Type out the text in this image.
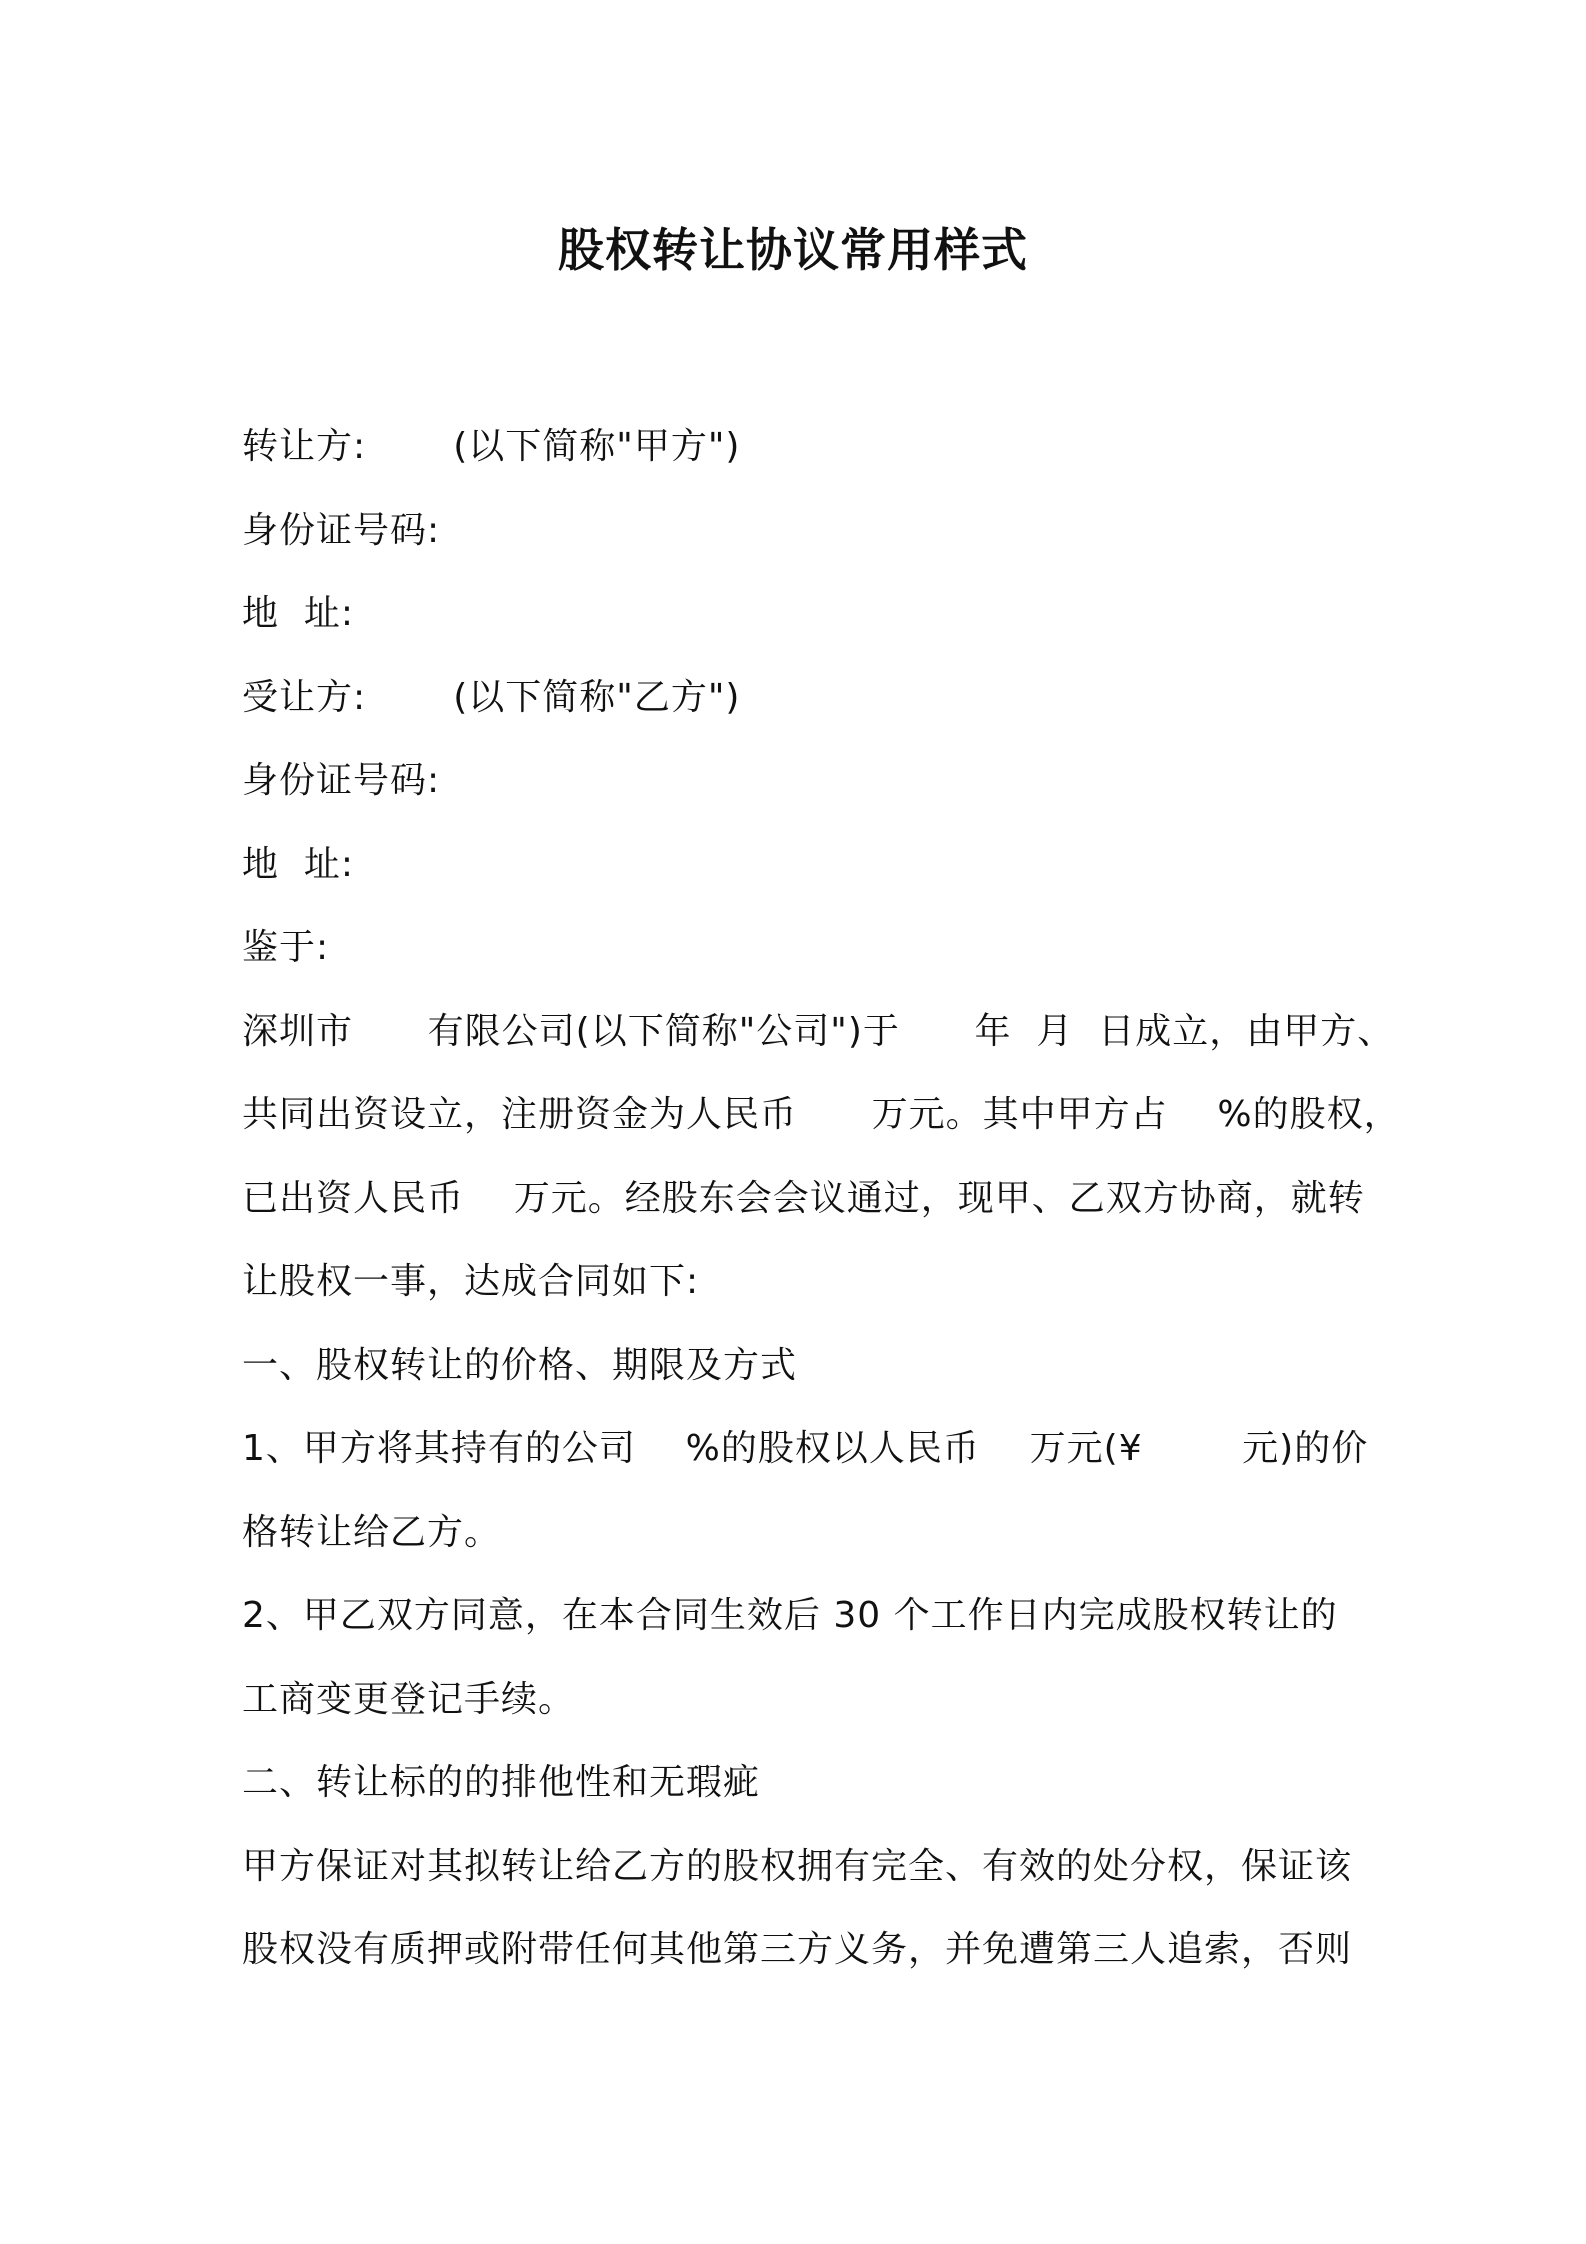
股权转让协议常用样式
转让方:       (以下简称"甲方")
身份证号码:
地  址:
受让方:       (以下简称"乙方")
身份证号码:
地  址:
鉴于:
深圳市      有限公司(以下简称"公司")于      年  月  日成立，由甲方、
共同出资设立，注册资金为人民币      万元。其中甲方占    %的股权，
已出资人民币    万元。经股东会会议通过，现甲、乙双方协商，就转
让股权一事，达成合同如下:
一、股权转让的价格、期限及方式
1、甲方将其持有的公司    %的股权以人民币    万元(¥        元)的价
格转让给乙方。
2、甲乙双方同意，在本合同生效后 30 个工作日内完成股权转让的
工商变更登记手续。
二、转让标的的排他性和无瑕疵
甲方保证对其拟转让给乙方的股权拥有完全、有效的处分权，保证该
股权没有质押或附带任何其他第三方义务，并免遭第三人追索，否则
